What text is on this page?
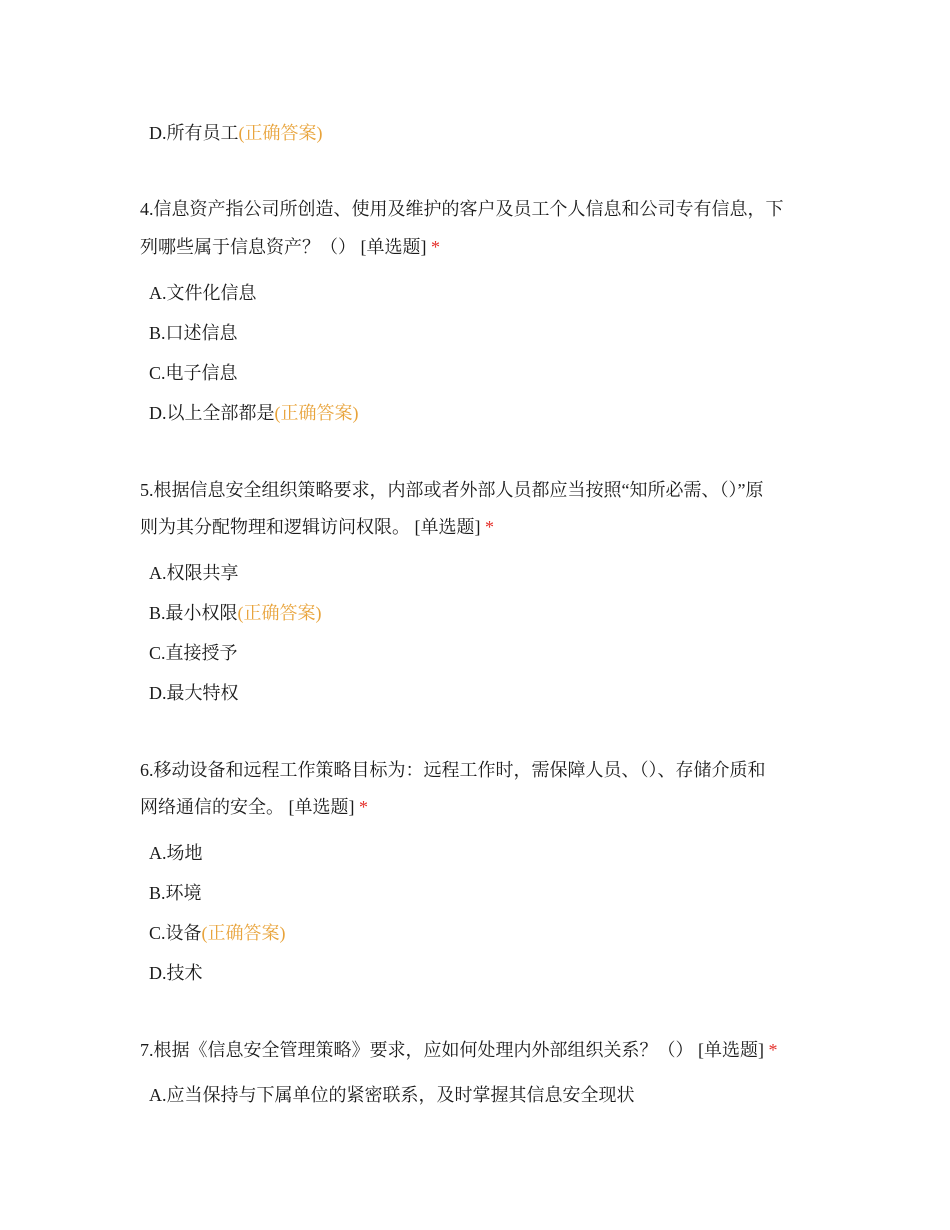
D.所有员工(正确答案)
4.信息资产指公司所创造、使用及维护的客户及员工个人信息和公司专有信息，下
列哪些属于信息资产？（） [单选题] *
A.文件化信息
B.口述信息
C.电子信息
D.以上全部都是(正确答案)
5.根据信息安全组织策略要求，内部或者外部人员都应当按照“知所必需、（）”原
则为其分配物理和逻辑访问权限。 [单选题] *
A.权限共享
B.最小权限(正确答案)
C.直接授予
D.最大特权
6.移动设备和远程工作策略目标为：远程工作时，需保障人员、（）、存储介质和
网络通信的安全。 [单选题] *
A.场地
B.环境
C.设备(正确答案)
D.技术
7.根据《信息安全管理策略》要求，应如何处理内外部组织关系？（） [单选题] *
A.应当保持与下属单位的紧密联系，及时掌握其信息安全现状
